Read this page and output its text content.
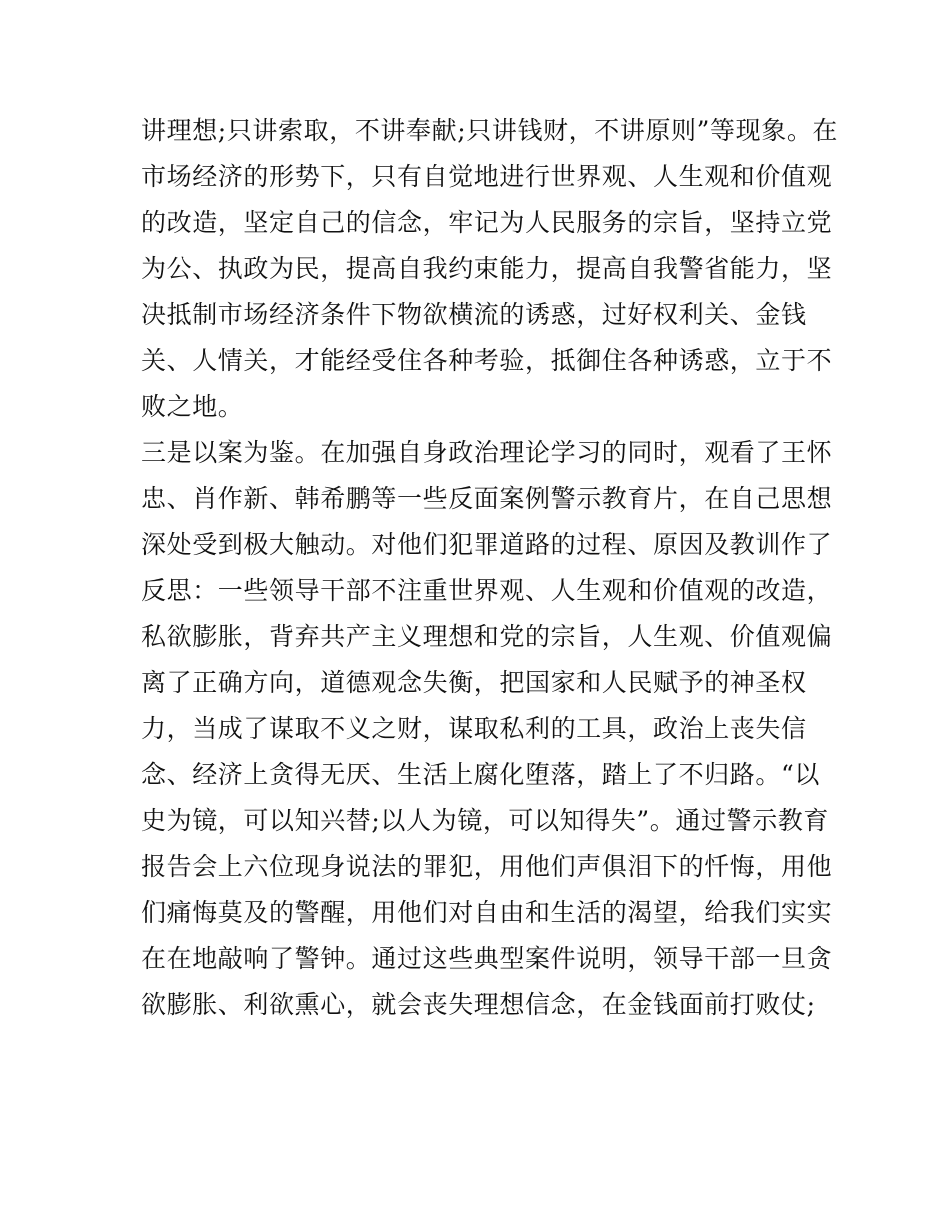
讲理想;只讲索取，不讲奉献;只讲钱财，不讲原则”等现象。在
市场经济的形势下，只有自觉地进行世界观、人生观和价值观
的改造，坚定自己的信念，牢记为人民服务的宗旨，坚持立党
为公、执政为民，提高自我约束能力，提高自我警省能力，坚
决抵制市场经济条件下物欲横流的诱惑，过好权利关、金钱
关、人情关，才能经受住各种考验，抵御住各种诱惑，立于不
败之地。
三是以案为鉴。在加强自身政治理论学习的同时，观看了王怀
忠、肖作新、韩希鹏等一些反面案例警示教育片，在自己思想
深处受到极大触动。对他们犯罪道路的过程、原因及教训作了
反思：一些领导干部不注重世界观、人生观和价值观的改造，
私欲膨胀，背弃共产主义理想和党的宗旨，人生观、价值观偏
离了正确方向，道德观念失衡，把国家和人民赋予的神圣权
力，当成了谋取不义之财，谋取私利的工具，政治上丧失信
念、经济上贪得无厌、生活上腐化堕落，踏上了不归路。“以
史为镜，可以知兴替;以人为镜，可以知得失”。通过警示教育
报告会上六位现身说法的罪犯，用他们声俱泪下的忏悔，用他
们痛悔莫及的警醒，用他们对自由和生活的渴望，给我们实实
在在地敲响了警钟。通过这些典型案件说明，领导干部一旦贪
欲膨胀、利欲熏心，就会丧失理想信念，在金钱面前打败仗;
